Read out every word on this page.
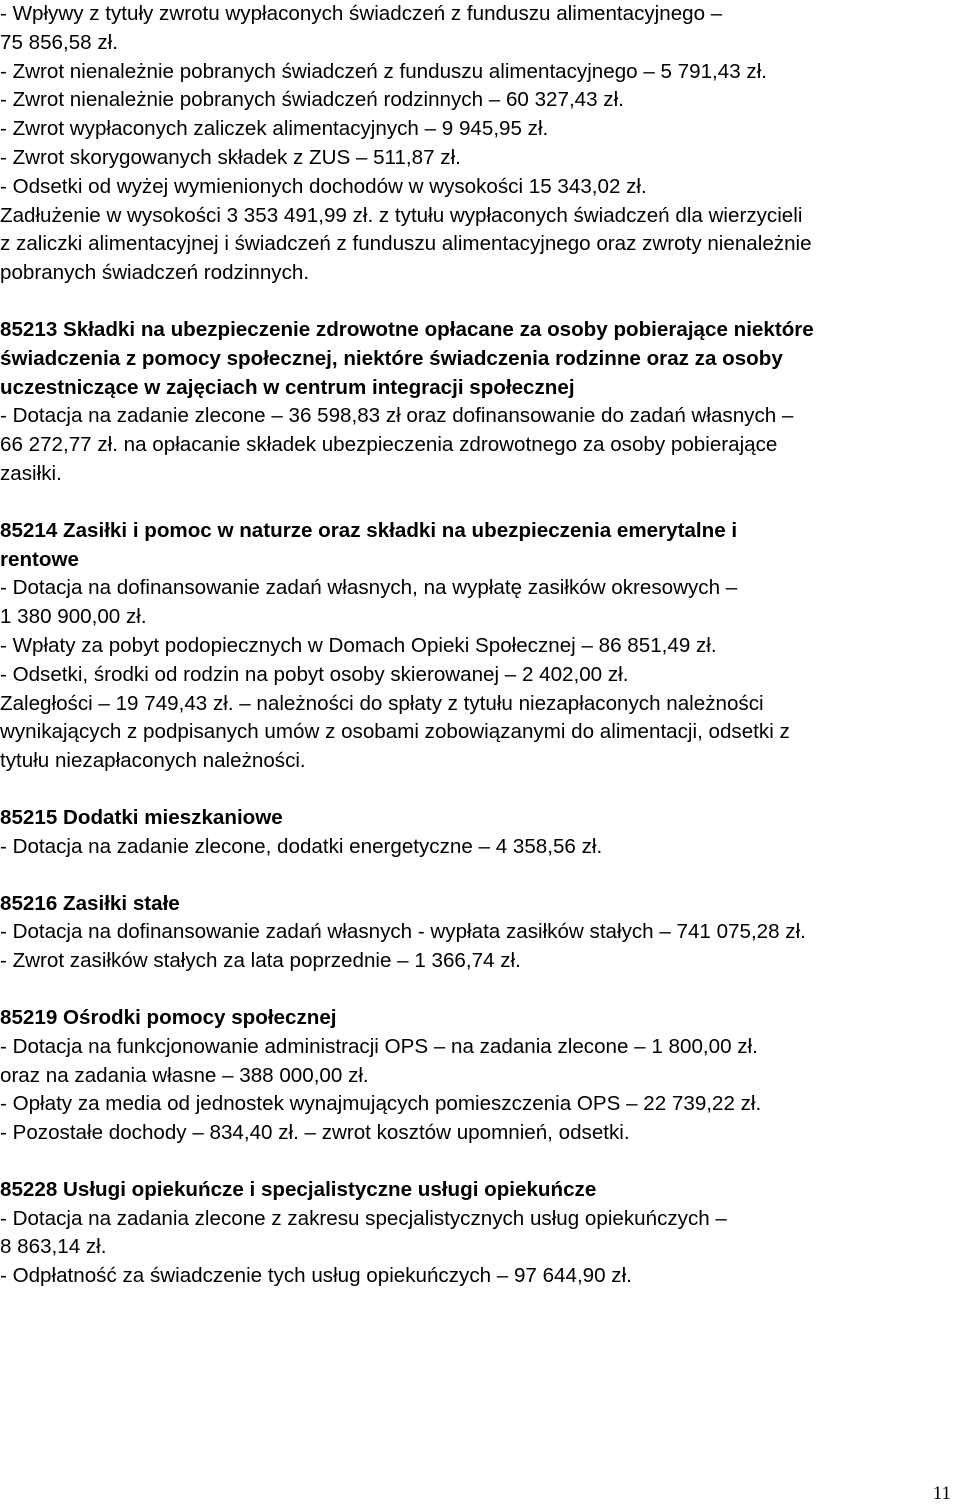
- Wpływy z tytuły zwrotu wypłaconych świadczeń z funduszu alimentacyjnego –

75 856,58 zł.

- Zwrot nienależnie pobranych świadczeń z funduszu alimentacyjnego – 5 791,43 zł.

- Zwrot nienależnie pobranych świadczeń rodzinnych – 60 327,43 zł.

- Zwrot wypłaconych zaliczek alimentacyjnych – 9 945,95 zł.

- Zwrot skorygowanych składek z ZUS – 511,87 zł.

- Odsetki od wyżej wymienionych dochodów w wysokości 15 343,02 zł.

Zadłużenie w wysokości 3 353 491,99 zł. z tytułu wypłaconych świadczeń dla wierzycieli

z zaliczki alimentacyjnej i świadczeń z funduszu alimentacyjnego oraz zwroty nienależnie

pobranych świadczeń rodzinnych.

85213 Składki na ubezpieczenie zdrowotne opłacane za osoby pobierające niektóre

świadczenia z pomocy społecznej, niektóre świadczenia rodzinne oraz za osoby

uczestniczące w zajęciach w centrum integracji społecznej

- Dotacja na zadanie zlecone – 36 598,83 zł oraz dofinansowanie do zadań własnych –

66 272,77 zł. na opłacanie składek ubezpieczenia zdrowotnego za osoby pobierające

zasiłki.

85214 Zasiłki i pomoc w naturze oraz składki na ubezpieczenia emerytalne i

rentowe

- Dotacja na dofinansowanie zadań własnych, na wypłatę zasiłków okresowych –

1 380 900,00 zł.

- Wpłaty za pobyt podopiecznych w Domach Opieki Społecznej – 86 851,49 zł.

- Odsetki, środki od rodzin na pobyt osoby skierowanej – 2 402,00 zł.

Zaległości – 19 749,43 zł. – należności do spłaty z tytułu niezapłaconych należności

wynikających z podpisanych umów z osobami zobowiązanymi do alimentacji, odsetki z

tytułu niezapłaconych należności.

85215 Dodatki mieszkaniowe

- Dotacja na zadanie zlecone, dodatki energetyczne – 4 358,56 zł.

85216 Zasiłki stałe

- Dotacja na dofinansowanie zadań własnych - wypłata zasiłków stałych – 741 075,28 zł.

- Zwrot zasiłków stałych za lata poprzednie – 1 366,74 zł.

85219 Ośrodki pomocy społecznej

- Dotacja na funkcjonowanie administracji OPS – na zadania zlecone – 1 800,00 zł.

oraz na zadania własne – 388 000,00 zł.

- Opłaty za media od jednostek wynajmujących pomieszczenia OPS – 22 739,22 zł.

- Pozostałe dochody – 834,40 zł. – zwrot kosztów upomnień, odsetki.

85228 Usługi opiekuńcze i specjalistyczne usługi opiekuńcze

- Dotacja na zadania zlecone z zakresu specjalistycznych usług opiekuńczych –

8 863,14 zł.

- Odpłatność za świadczenie tych usług opiekuńczych – 97 644,90 zł.

11
